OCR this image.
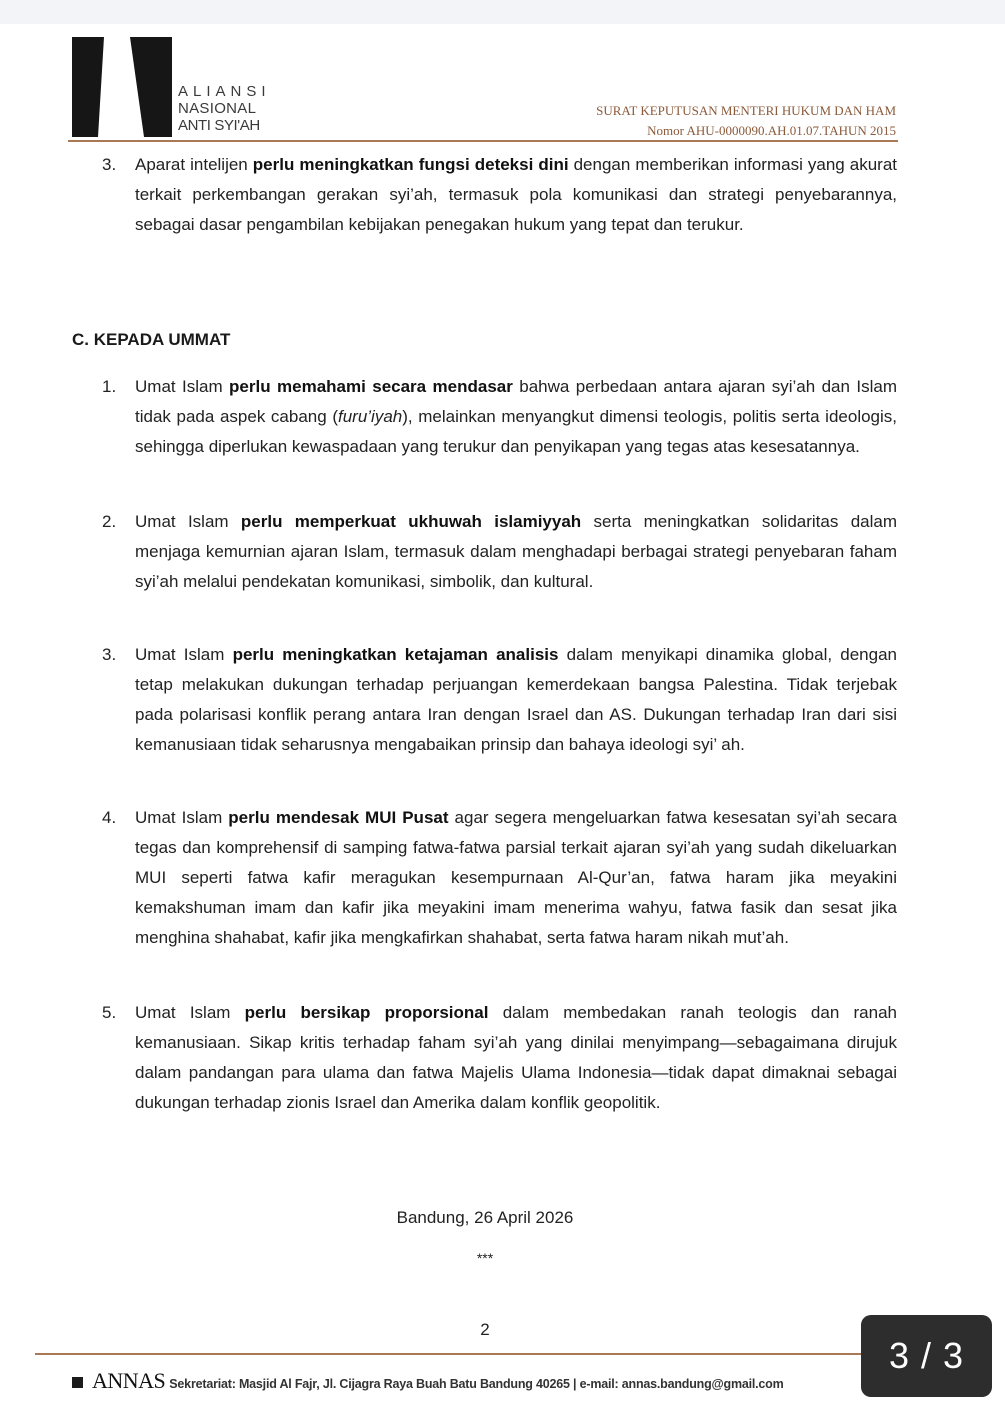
ALIANSI
NASIONAL
ANTI SYI'AH
SURAT KEPUTUSAN MENTERI HUKUM DAN HAM
Nomor AHU-0000090.AH.01.07.TAHUN 2015
3. Aparat intelijen perlu meningkatkan fungsi deteksi dini dengan memberikan informasi yang akurat terkait perkembangan gerakan syi’ah, termasuk pola komunikasi dan strategi penyebarannya, sebagai dasar pengambilan kebijakan penegakan hukum yang tepat dan terukur.
C. KEPADA UMMAT
1. Umat Islam perlu memahami secara mendasar bahwa perbedaan antara ajaran syi’ah dan Islam tidak pada aspek cabang (furu’iyah), melainkan menyangkut dimensi teologis, politis serta ideologis, sehingga diperlukan kewaspadaan yang terukur dan penyikapan yang tegas atas kesesatannya.
2. Umat Islam perlu memperkuat ukhuwah islamiyyah serta meningkatkan solidaritas dalam menjaga kemurnian ajaran Islam, termasuk dalam menghadapi berbagai strategi penyebaran faham syi’ah melalui pendekatan komunikasi, simbolik, dan kultural.
3. Umat Islam perlu meningkatkan ketajaman analisis dalam menyikapi dinamika global, dengan tetap melakukan dukungan terhadap perjuangan kemerdekaan bangsa Palestina. Tidak terjebak pada polarisasi konflik perang antara Iran dengan Israel dan AS. Dukungan terhadap Iran dari sisi kemanusiaan tidak seharusnya mengabaikan prinsip dan bahaya ideologi syi’ ah.
4. Umat Islam perlu mendesak MUI Pusat agar segera mengeluarkan fatwa kesesatan syi’ah secara tegas dan komprehensif di samping fatwa-fatwa parsial terkait ajaran syi’ah yang sudah dikeluarkan MUI seperti fatwa kafir meragukan kesempurnaan Al-Qur’an, fatwa haram jika meyakini kemakshuman imam dan kafir jika meyakini imam menerima wahyu, fatwa fasik dan sesat jika menghina shahabat, kafir jika mengkafirkan shahabat, serta fatwa haram nikah mut’ah.
5. Umat Islam perlu bersikap proporsional dalam membedakan ranah teologis dan ranah kemanusiaan. Sikap kritis terhadap faham syi’ah yang dinilai menyimpang—sebagaimana dirujuk dalam pandangan para ulama dan fatwa Majelis Ulama Indonesia—tidak dapat dimaknai sebagai dukungan terhadap zionis Israel dan Amerika dalam konflik geopolitik.
Bandung, 26 April 2026
***
2
ANNAS Sekretariat: Masjid Al Fajr, Jl. Cijagra Raya Buah Batu Bandung 40265 | e-mail: annas.bandung@gmail.com
3 / 3
